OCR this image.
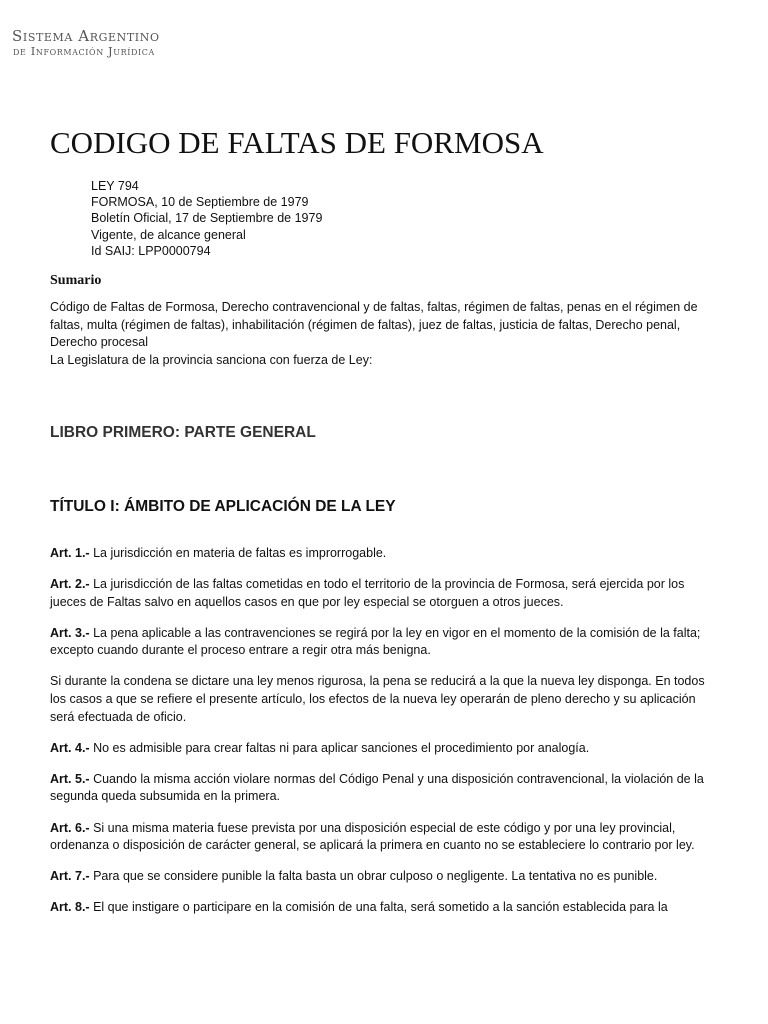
Sistema Argentino
de Información Jurídica
CODIGO DE FALTAS DE FORMOSA
LEY 794
FORMOSA, 10 de Septiembre de 1979
Boletín Oficial, 17 de Septiembre de 1979
Vigente, de alcance general
Id SAIJ: LPP0000794
Sumario

Código de Faltas de Formosa, Derecho contravencional y de faltas, faltas, régimen de faltas, penas en el régimen de faltas, multa (régimen de faltas), inhabilitación (régimen de faltas), juez de faltas, justicia de faltas, Derecho penal, Derecho procesal

La Legislatura de la provincia sanciona con fuerza de Ley:

LIBRO PRIMERO: PARTE GENERAL
TÍTULO I: ÁMBITO DE APLICACIÓN DE LA LEY

Art. 1.- La jurisdicción en materia de faltas es improrrogable.

Art. 2.- La jurisdicción de las faltas cometidas en todo el territorio de la provincia de Formosa, será ejercida por los jueces de Faltas salvo en aquellos casos en que por ley especial se otorguen a otros jueces.

Art. 3.- La pena aplicable a las contravenciones se regirá por la ley en vigor en el momento de la comisión de la falta; excepto cuando durante el proceso entrare a regir otra más benigna.

Si durante la condena se dictare una ley menos rigurosa, la pena se reducirá a la que la nueva ley disponga. En todos los casos a que se refiere el presente artículo, los efectos de la nueva ley operarán de pleno derecho y su aplicación será efectuada de oficio.

Art. 4.- No es admisible para crear faltas ni para aplicar sanciones el procedimiento por analogía.

Art. 5.- Cuando la misma acción violare normas del Código Penal y una disposición contravencional, la violación de la segunda queda subsumida en la primera.

Art. 6.- Si una misma materia fuese prevista por una disposición especial de este código y por una ley provincial, ordenanza o disposición de carácter general, se aplicará la primera en cuanto no se estableciere lo contrario por ley.

Art. 7.- Para que se considere punible la falta basta un obrar culposo o negligente. La tentativa no es punible.

Art. 8.- El que instigare o participare en la comisión de una falta, será sometido a la sanción establecida para la
